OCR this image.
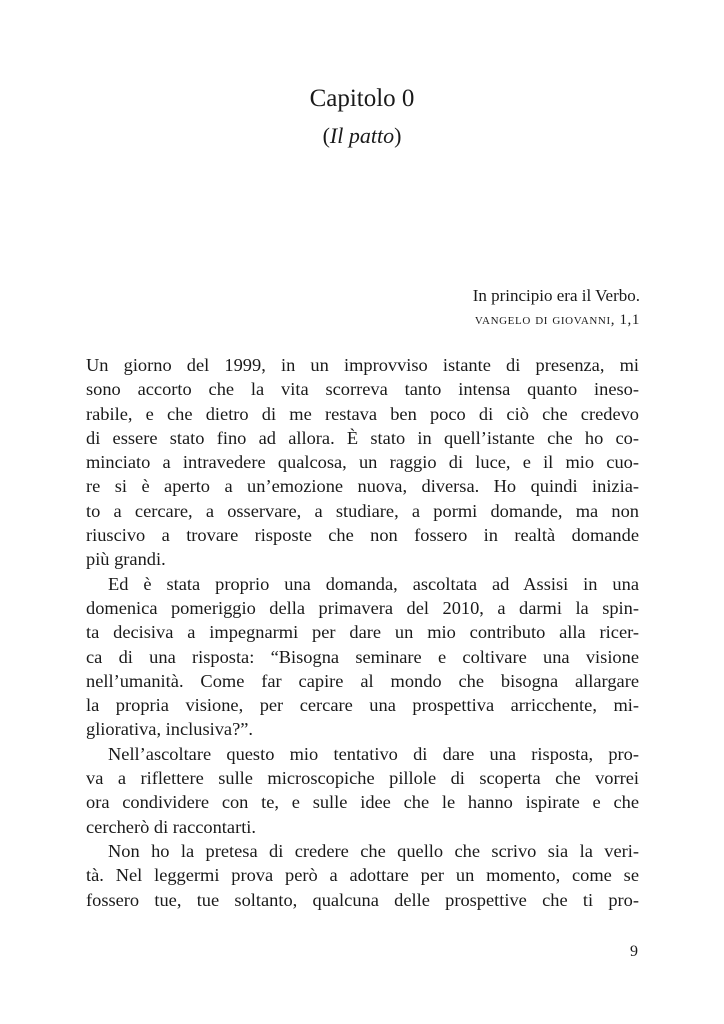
Capitolo 0
(Il patto)
In principio era il Verbo.
vangelo di giovanni, 1,1
Un giorno del 1999, in un improvviso istante di presenza, mi
sono accorto che la vita scorreva tanto intensa quanto ineso-
rabile, e che dietro di me restava ben poco di ciò che credevo
di essere stato fino ad allora. È stato in quell’istante che ho co-
minciato a intravedere qualcosa, un raggio di luce, e il mio cuo-
re si è aperto a un’emozione nuova, diversa. Ho quindi inizia-
to a cercare, a osservare, a studiare, a pormi domande, ma non
riuscivo a trovare risposte che non fossero in realtà domande
più grandi.
Ed è stata proprio una domanda, ascoltata ad Assisi in una
domenica pomeriggio della primavera del 2010, a darmi la spin-
ta decisiva a impegnarmi per dare un mio contributo alla ricer-
ca di una risposta: “Bisogna seminare e coltivare una visione
nell’umanità. Come far capire al mondo che bisogna allargare
la propria visione, per cercare una prospettiva arricchente, mi-
gliorativa, inclusiva?”.
Nell’ascoltare questo mio tentativo di dare una risposta, pro-
va a riflettere sulle microscopiche pillole di scoperta che vorrei
ora condividere con te, e sulle idee che le hanno ispirate e che
cercherò di raccontarti.
Non ho la pretesa di credere che quello che scrivo sia la veri-
tà. Nel leggermi prova però a adottare per un momento, come se
fossero tue, tue soltanto, qualcuna delle prospettive che ti pro-
9
